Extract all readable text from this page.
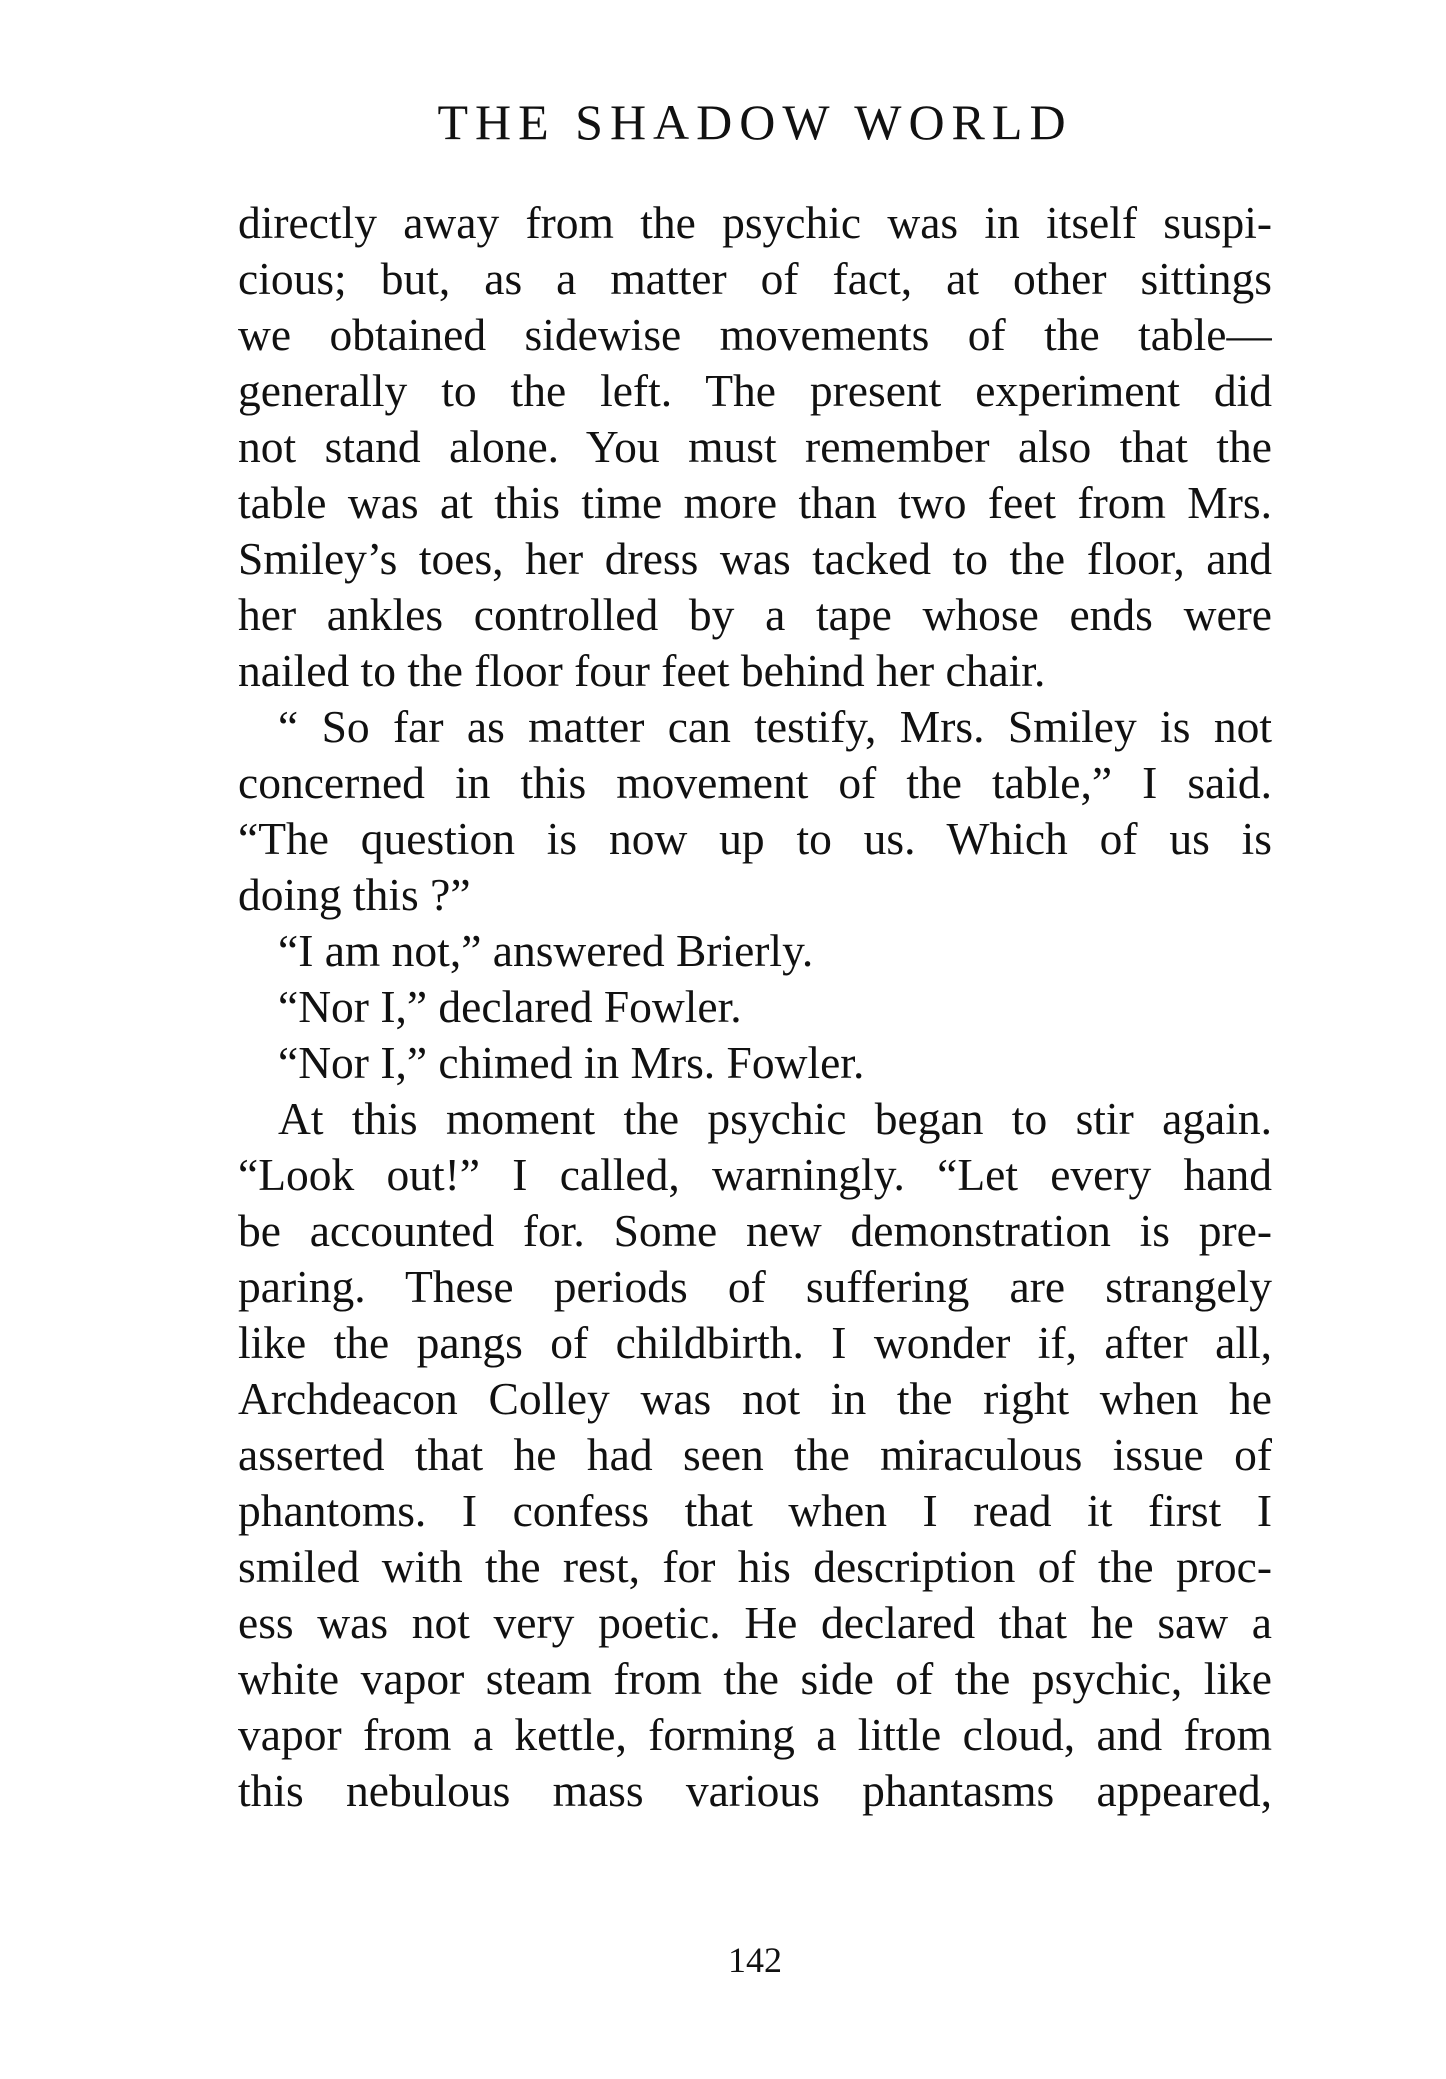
THE SHADOW WORLD
directly away from the psychic was in itself suspi-
cious; but, as a matter of fact, at other sittings
we obtained sidewise movements of the table—
generally to the left. The present experiment did
not stand alone. You must remember also that the
table was at this time more than two feet from Mrs.
Smiley’s toes, her dress was tacked to the floor, and
her ankles controlled by a tape whose ends were
nailed to the floor four feet behind her chair.
“ So far as matter can testify, Mrs. Smiley is not
concerned in this movement of the table,” I said.
“The question is now up to us. Which of us is
doing this ?”
“I am not,” answered Brierly.
“Nor I,” declared Fowler.
“Nor I,” chimed in Mrs. Fowler.
At this moment the psychic began to stir again.
“Look out!” I called, warningly. “Let every hand
be accounted for. Some new demonstration is pre-
paring. These periods of suffering are strangely
like the pangs of childbirth. I wonder if, after all,
Archdeacon Colley was not in the right when he
asserted that he had seen the miraculous issue of
phantoms. I confess that when I read it first I
smiled with the rest, for his description of the proc-
ess was not very poetic. He declared that he saw a
white vapor steam from the side of the psychic, like
vapor from a kettle, forming a little cloud, and from
this nebulous mass various phantasms appeared,
142
